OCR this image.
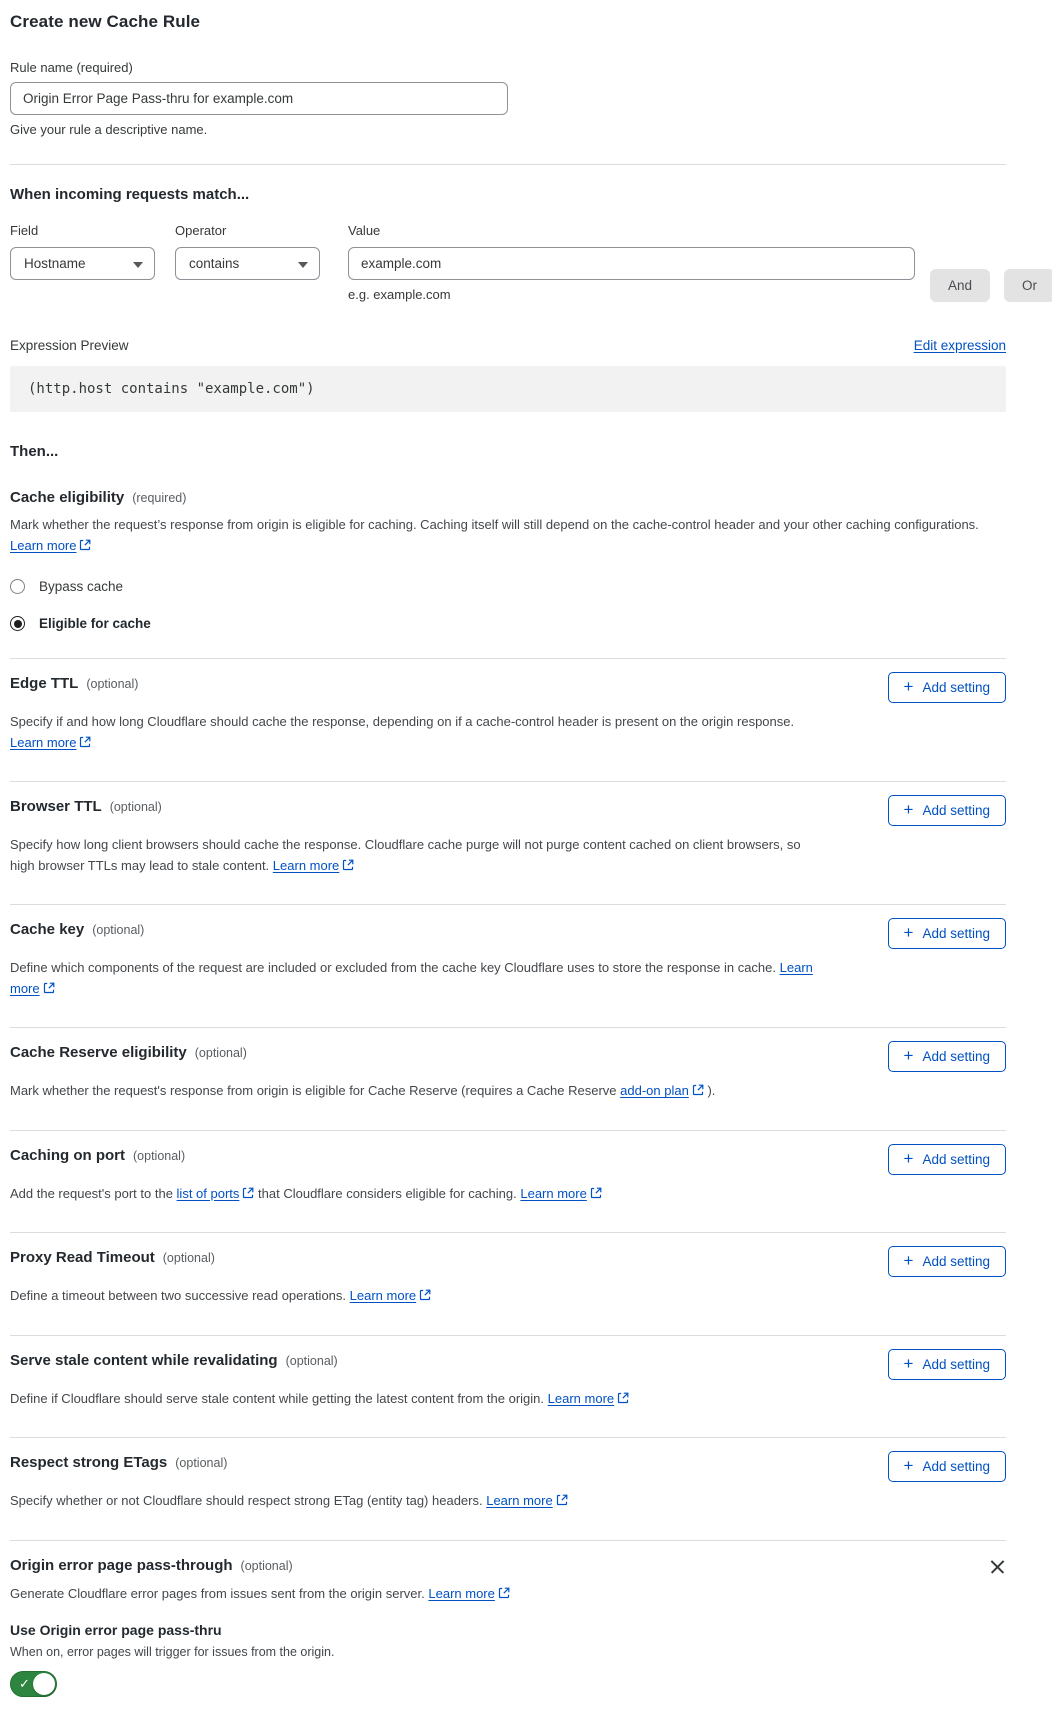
Create new Cache Rule
Rule name (required)
Origin Error Page Pass-thru for example.com
Give your rule a descriptive name.
When incoming requests match...
Field
Hostname
Operator
contains
Value
example.com
e.g. example.com
And	Or
Expression Preview	Edit expression
(http.host contains "example.com")
Then...
Cache eligibility (required)

Mark whether the request’s response from origin is eligible for caching. Caching itself will still depend on the cache-control header and your other caching configurations. Learn more

Bypass cache
Eligible for cache
Edge TTL (optional)	+ Add setting

Specify if and how long Cloudflare should cache the response, depending on if a cache-control header is present on the origin response. Learn more

Browser TTL (optional)	+ Add setting

Specify how long client browsers should cache the response. Cloudflare cache purge will not purge content cached on client browsers, so high browser TTLs may lead to stale content. Learn more

Cache key (optional)	+ Add setting

Define which components of the request are included or excluded from the cache key Cloudflare uses to store the response in cache. Learn more

Cache Reserve eligibility (optional)	+ Add setting

Mark whether the request's response from origin is eligible for Cache Reserve (requires a Cache Reserve add-on plan ).

Caching on port (optional)	+ Add setting

Add the request's port to the list of ports that Cloudflare considers eligible for caching. Learn more

Proxy Read Timeout (optional)	+ Add setting

Define a timeout between two successive read operations. Learn more

Serve stale content while revalidating (optional)	+ Add setting

Define if Cloudflare should serve stale content while getting the latest content from the origin. Learn more

Respect strong ETags (optional)	+ Add setting

Specify whether or not Cloudflare should respect strong ETag (entity tag) headers. Learn more

Origin error page pass-through (optional)

Generate Cloudflare error pages from issues sent from the origin server. Learn more

Use Origin error page pass-thru
When on, error pages will trigger for issues from the origin.
✓
